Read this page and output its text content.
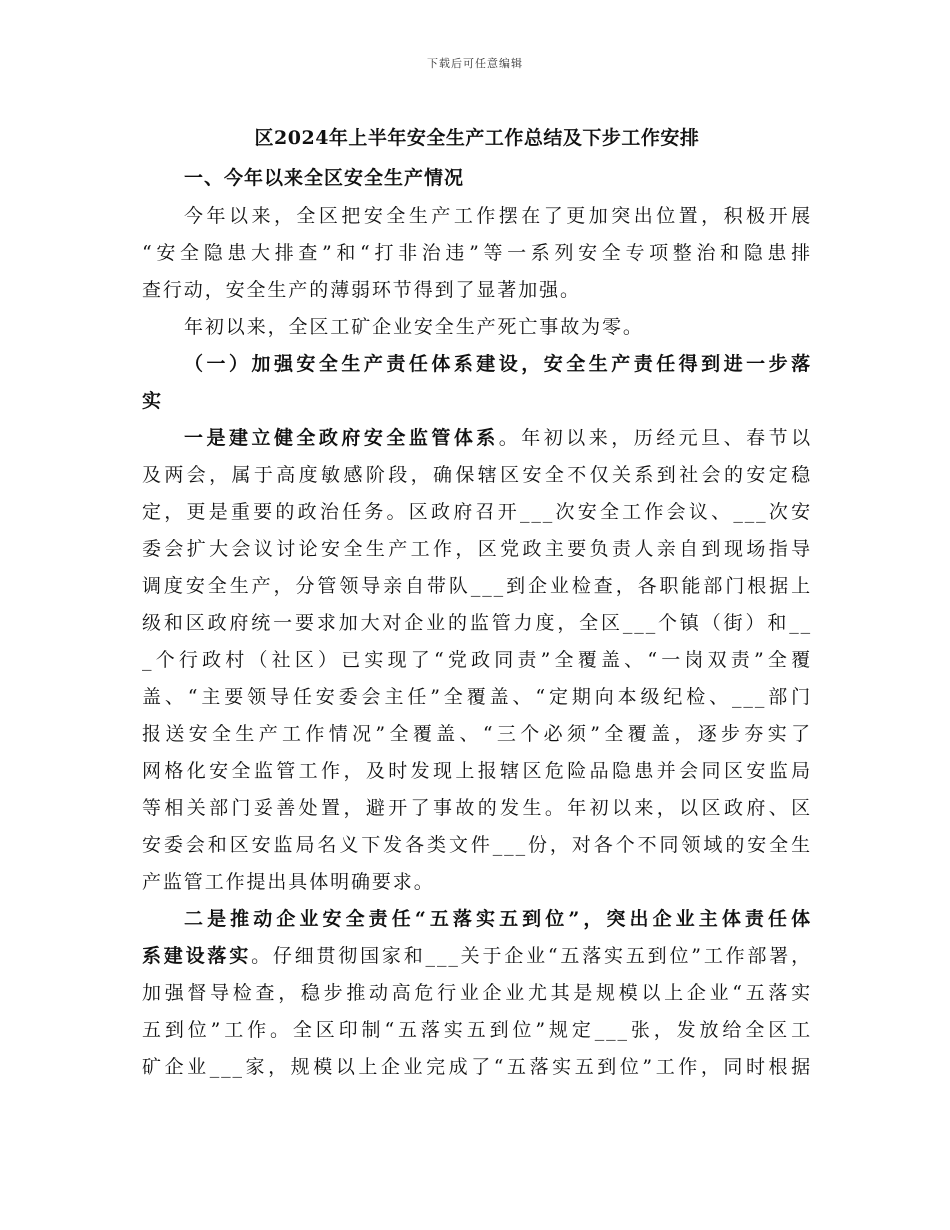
下载后可任意编辑

区2024年上半年安全生产工作总结及下步工作安排

一、今年以来全区安全生产情况

今年以来，全区把安全生产工作摆在了更加突出位置，积极开展

“安全隐患大排查”和“打非治违”等一系列安全专项整治和隐患排

查行动，安全生产的薄弱环节得到了显著加强。

年初以来，全区工矿企业安全生产死亡事故为零。

（一）加强安全生产责任体系建设，安全生产责任得到进一步落

实

一是建立健全政府安全监管体系。年初以来，历经元旦、春节以

及两会，属于高度敏感阶段，确保辖区安全不仅关系到社会的安定稳

定，更是重要的政治任务。区政府召开___次安全工作会议、___次安

委会扩大会议讨论安全生产工作，区党政主要负责人亲自到现场指导

调度安全生产，分管领导亲自带队___到企业检查，各职能部门根据上

级和区政府统一要求加大对企业的监管力度，全区___个镇（街）和__

_个行政村（社区）已实现了“党政同责”全覆盖、“一岗双责”全覆

盖、“主要领导任安委会主任”全覆盖、“定期向本级纪检、___部门

报送安全生产工作情况”全覆盖、“三个必须”全覆盖，逐步夯实了

网格化安全监管工作，及时发现上报辖区危险品隐患并会同区安监局

等相关部门妥善处置，避开了事故的发生。年初以来，以区政府、区

安委会和区安监局名义下发各类文件___份，对各个不同领域的安全生

产监管工作提出具体明确要求。

二是推动企业安全责任“五落实五到位”，突出企业主体责任体

系建设落实。仔细贯彻国家和___关于企业“五落实五到位”工作部署，

加强督导检查，稳步推动高危行业企业尤其是规模以上企业“五落实

五到位”工作。全区印制“五落实五到位”规定___张，发放给全区工

矿企业___家，规模以上企业完成了“五落实五到位”工作，同时根据
